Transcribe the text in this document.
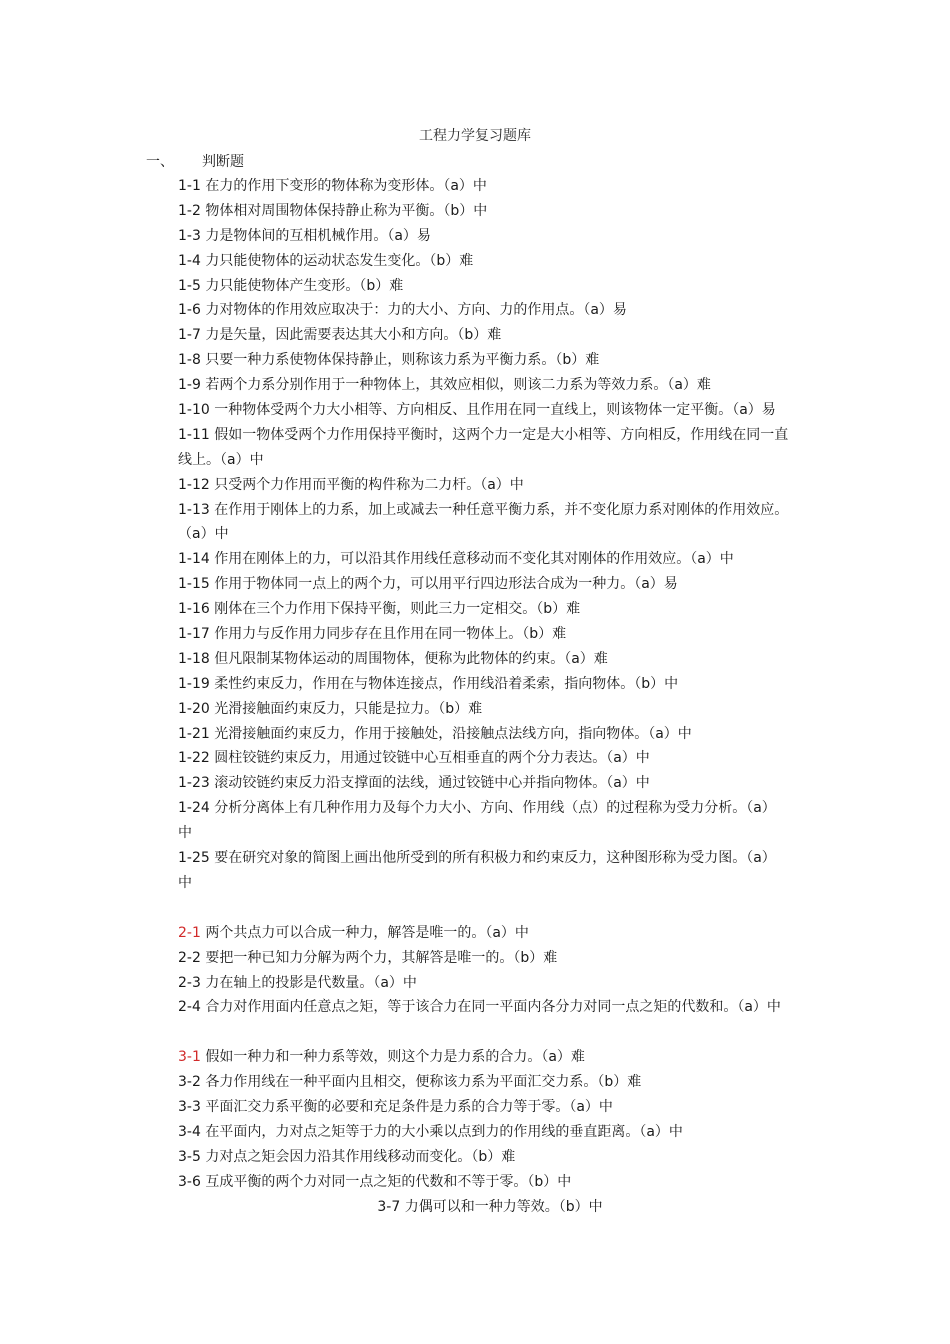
工程力学复习题库
一、 判断题
1-1 在力的作用下变形的物体称为变形体。（a）中
1-2 物体相对周围物体保持静止称为平衡。（b）中
1-3 力是物体间的互相机械作用。（a）易
1-4 力只能使物体的运动状态发生变化。（b）难
1-5 力只能使物体产生变形。（b）难
1-6 力对物体的作用效应取决于：力的大小、方向、力的作用点。（a）易
1-7 力是矢量，因此需要表达其大小和方向。（b）难
1-8 只要一种力系使物体保持静止，则称该力系为平衡力系。（b）难
1-9 若两个力系分别作用于一种物体上，其效应相似，则该二力系为等效力系。（a）难
1-10 一种物体受两个力大小相等、方向相反、且作用在同一直线上，则该物体一定平衡。（a）易
1-11 假如一物体受两个力作用保持平衡时，这两个力一定是大小相等、方向相反，作用线在同一直
线上。（a）中
1-12 只受两个力作用而平衡的构件称为二力杆。（a）中
1-13 在作用于刚体上的力系，加上或减去一种任意平衡力系，并不变化原力系对刚体的作用效应。
（a）中
1-14 作用在刚体上的力，可以沿其作用线任意移动而不变化其对刚体的作用效应。（a）中
1-15 作用于物体同一点上的两个力，可以用平行四边形法合成为一种力。（a）易
1-16 刚体在三个力作用下保持平衡，则此三力一定相交。（b）难
1-17 作用力与反作用力同步存在且作用在同一物体上。（b）难
1-18 但凡限制某物体运动的周围物体，便称为此物体的约束。（a）难
1-19 柔性约束反力，作用在与物体连接点，作用线沿着柔索，指向物体。（b）中
1-20 光滑接触面约束反力，只能是拉力。（b）难
1-21 光滑接触面约束反力，作用于接触处，沿接触点法线方向，指向物体。（a）中
1-22 圆柱铰链约束反力，用通过铰链中心互相垂直的两个分力表达。（a）中
1-23 滚动铰链约束反力沿支撑面的法线，通过铰链中心并指向物体。（a）中
1-24 分析分离体上有几种作用力及每个力大小、方向、作用线（点）的过程称为受力分析。（a）
中
1-25 要在研究对象的简图上画出他所受到的所有积极力和约束反力，这种图形称为受力图。（a）
中
2-1 两个共点力可以合成一种力，解答是唯一的。（a）中
2-2 要把一种已知力分解为两个力，其解答是唯一的。（b）难
2-3 力在轴上的投影是代数量。（a）中
2-4 合力对作用面内任意点之矩，等于该合力在同一平面内各分力对同一点之矩的代数和。（a）中
3-1 假如一种力和一种力系等效，则这个力是力系的合力。（a）难
3-2 各力作用线在一种平面内且相交，便称该力系为平面汇交力系。（b）难
3-3 平面汇交力系平衡的必要和充足条件是力系的合力等于零。（a）中
3-4 在平面内，力对点之矩等于力的大小乘以点到力的作用线的垂直距离。（a）中
3-5 力对点之矩会因力沿其作用线移动而变化。（b）难
3-6 互成平衡的两个力对同一点之矩的代数和不等于零。（b）中
3-7 力偶可以和一种力等效。（b）中
